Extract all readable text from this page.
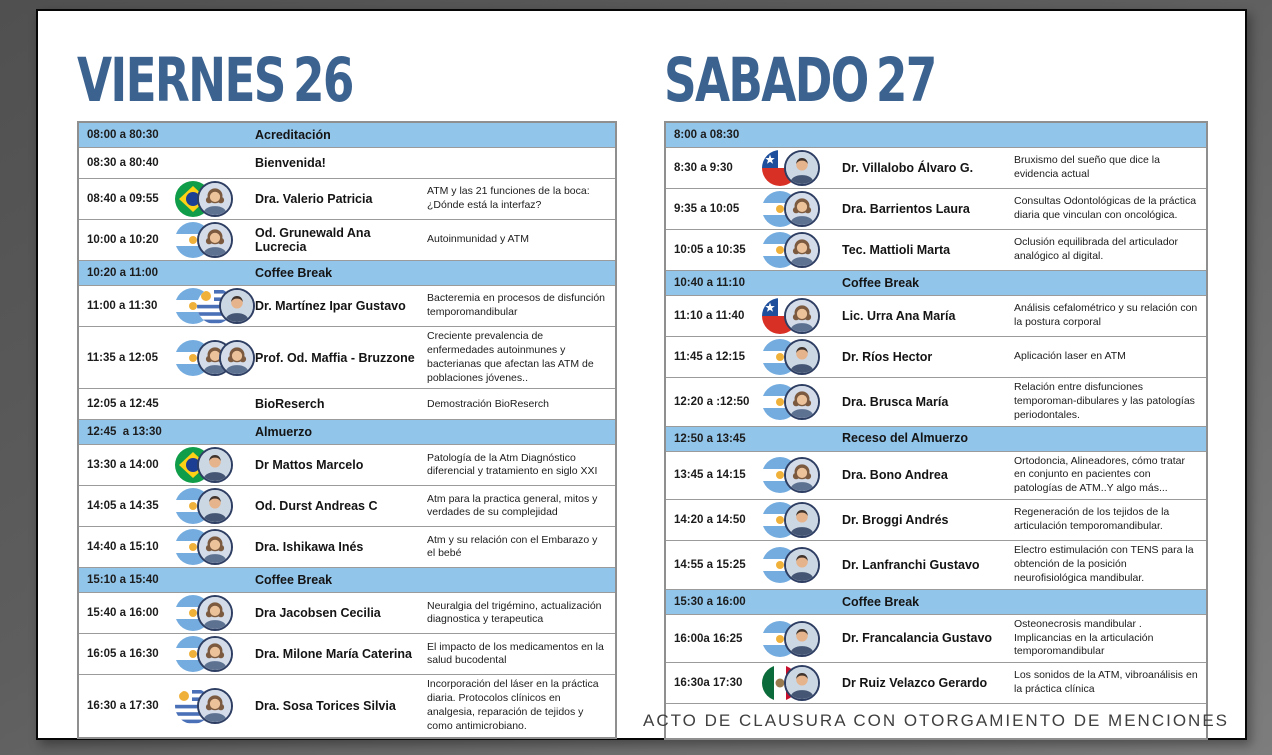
VIERNES 26
08:00 a 80:30	Acreditación
08:30 a 80:40	Bienvenida!
08:40 a 09:55	Dra. Valerio Patricia
ATM y las 21 funciones de la boca: ¿Dónde está la interfaz?
10:00 a 10:20
Od. Grunewald Ana Lucrecia
Autoinmunidad y ATM
10:20 a 11:00	Coffee Break
11:00 a 11:30	Dr. Martínez Ipar Gustavo
Bacteremia en procesos de disfunción temporomandibular
11:35 a 12:05	Prof. Od. Maffia - Bruzzone
Creciente prevalencia de enfermedades autoinmunes y bacterianas que afectan las ATM de poblaciones jóvenes..
12:05 a 12:45	BioReserch	Demostración BioReserch
12:45  a 13:30	Almuerzo
13:30 a 14:00	Dr Mattos Marcelo
Patología de la Atm Diagnóstico diferencial y tratamiento en siglo XXI
14:05 a 14:35	Od. Durst Andreas C
Atm para la practica general, mitos y verdades de su complejidad
14:40 a 15:10	Dra. Ishikawa Inés
Atm y su relación con el Embarazo y el bebé
15:10 a 15:40	Coffee Break
15:40 a 16:00	Dra Jacobsen Cecilia
Neuralgia del trigémino, actualización diagnostica y terapeutica
16:05 a 16:30	Dra. Milone María Caterina
El impacto de los medicamentos en la salud bucodental
16:30 a 17:30	Dra. Sosa Torices Silvia
Incorporación del láser en la práctica diaria. Protocolos clínicos en analgesia, reparación de tejidos y como antimicrobiano.
SABADO 27
8:00 a 08:30
8:30 a 9:30	Dr. Villalobo Álvaro G.
Bruxismo del sueño que dice la evidencia actual
9:35 a 10:05	Dra. Barrientos Laura
Consultas Odontológicas de la práctica diaria que vinculan con oncológica.
10:05 a 10:35	Tec. Mattioli Marta
Oclusión equilibrada del articulador analógico al digital.
10:40 a 11:10	Coffee Break
11:10 a 11:40	Lic. Urra Ana María
Análisis cefalométrico y su relación con la postura corporal
11:45 a 12:15	Dr. Ríos Hector	Aplicación laser en ATM
12:20 a :12:50	Dra. Brusca María
Relación entre disfunciones temporoman-dibulares y las patologías periodontales.
12:50 a 13:45	Receso del Almuerzo
13:45 a 14:15	Dra. Bono Andrea
Ortodoncia, Alineadores, cómo tratar en conjunto en pacientes con patologías de ATM..Y algo más...
14:20 a 14:50	Dr. Broggi Andrés
Regeneración de los tejidos de la articulación temporomandibular.
14:55 a 15:25	Dr. Lanfranchi Gustavo
Electro estimulación con TENS para la obtención de la posición neurofisiológica mandibular.
15:30 a 16:00	Coffee Break
16:00a 16:25	Dr. Francalancia Gustavo
Osteonecrosis mandibular . Implicancias en la articulación temporomandibular
16:30a 17:30	Dr Ruiz Velazco Gerardo
Los sonidos de la ATM, vibroanálisis en la práctica clínica
ACTO DE CLAUSURA CON OTORGAMIENTO DE MENCIONES
